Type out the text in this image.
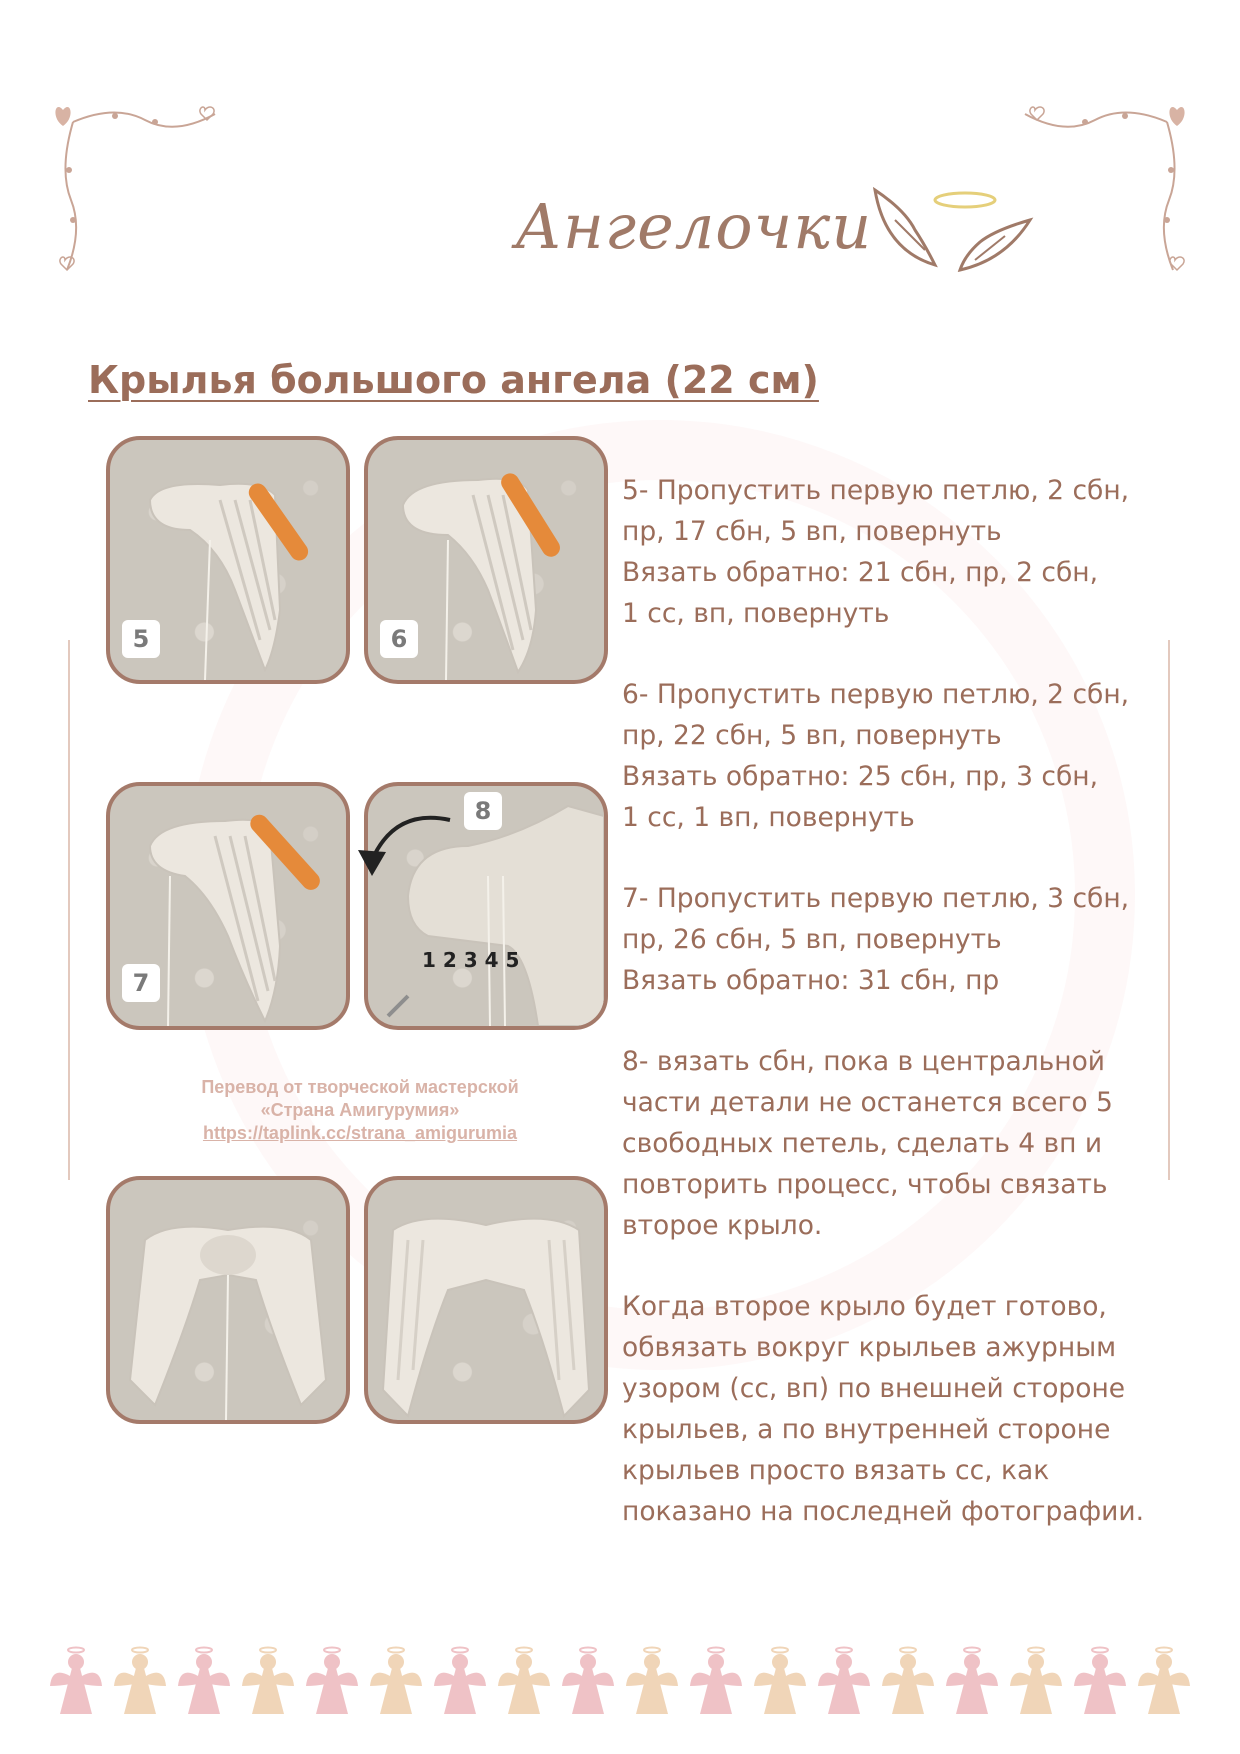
Ангелочки
Крылья большого ангела (22 см)
5	6
7
8
1 2 3 4 5
Перевод от творческой мастерской
«Страна Амигурумия»
https://taplink.cc/strana_amigurumia

5- Пропустить первую петлю, 2 сбн,
пр, 17 сбн, 5 вп, повернуть
Вязать обратно: 21 сбн, пр, 2 сбн,
1 сс, вп, повернуть

6- Пропустить первую петлю, 2 сбн,
пр, 22 сбн, 5 вп, повернуть
Вязать обратно: 25 сбн, пр, 3 сбн,
1 сс, 1 вп, повернуть

7- Пропустить первую петлю, 3 сбн,
пр, 26 сбн, 5 вп, повернуть
Вязать обратно: 31 сбн, пр

8- вязать сбн, пока в центральной
части детали не останется всего 5
свободных петель, сделать 4 вп и
повторить процесс, чтобы связать
второе крыло.

Когда второе крыло будет готово,
обвязать вокруг крыльев ажурным
узором (сс, вп) по внешней стороне
крыльев, а по внутренней стороне
крыльев просто вязать сс, как
показано на последней фотографии.
